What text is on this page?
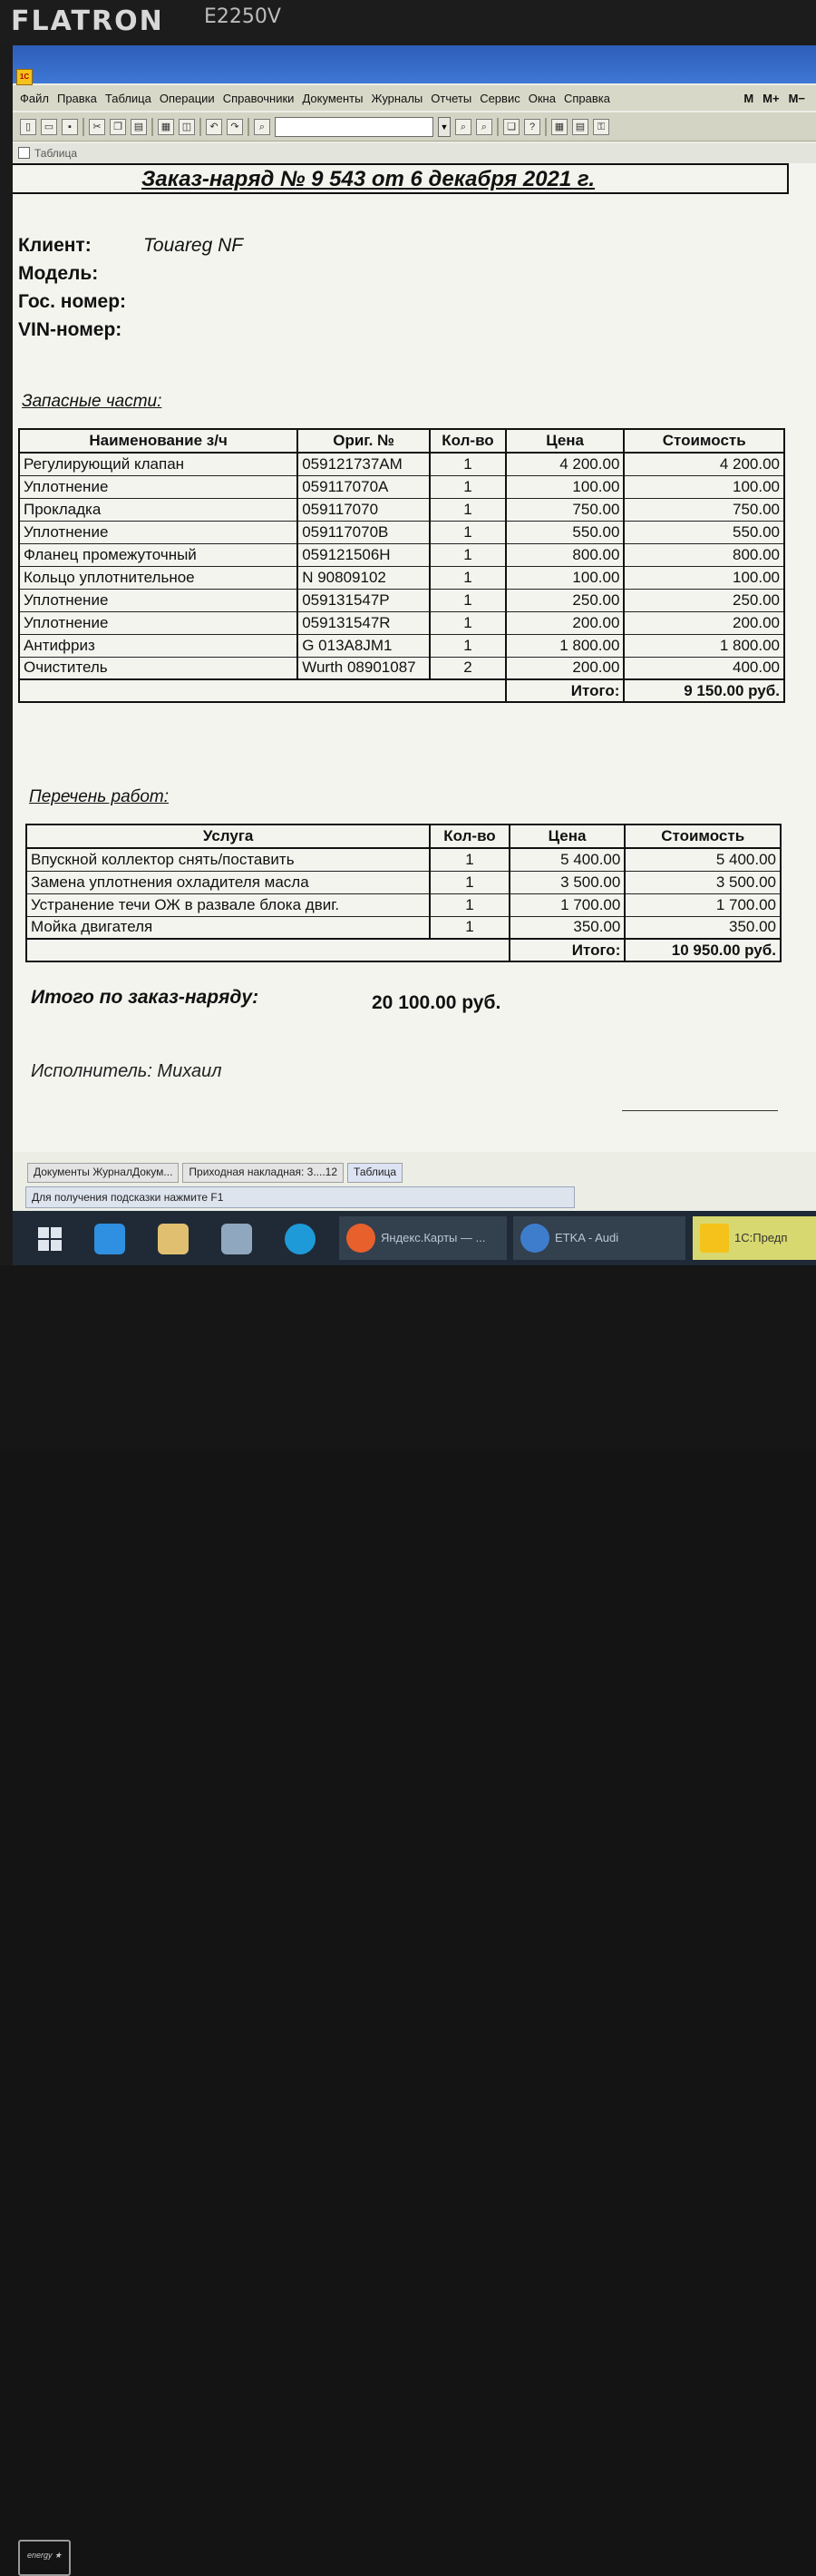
FLATRON E2250V
energy ★
1С
Файл Правка Таблица Операции Справочники Документы Журналы Отчеты Сервис Окна Справка	M M+ M−
▯	▭	▪	✂	❐	▤	▦	◫	↶	↷	⌕	▼	⌕	⌕	❏	?	▦	▤	⚿
Таблица
Заказ-наряд № 9 543 от 6 декабря 2021 г.
Клиент:	Touareg NF
Модель:
Гос. номер:
VIN-номер:
Запасные части:
Наименование з/ч	Ориг. №	Кол-во	Цена	Стоимость
Регулирующий клапан	059121737AM	1	4 200.00	4 200.00
Уплотнение	059117070A	1	100.00	100.00
Прокладка	059117070	1	750.00	750.00
Уплотнение	059117070B	1	550.00	550.00
Фланец промежуточный	059121506H	1	800.00	800.00
Кольцо уплотнительное	N 90809102	1	100.00	100.00
Уплотнение	059131547P	1	250.00	250.00
Уплотнение	059131547R	1	200.00	200.00
Антифриз	G 013A8JM1	1	1 800.00	1 800.00
Очиститель	Wurth 08901087	2	200.00	400.00
			Итого:	9 150.00 руб.
Перечень работ:
Услуга	Кол-во	Цена	Стоимость
Впускной коллектор снять/поставить	1	5 400.00	5 400.00
Замена уплотнения охладителя масла	1	3 500.00	3 500.00
Устранение течи ОЖ в развале блока двиг.	1	1 700.00	1 700.00
Мойка двигателя	1	350.00	350.00
		Итого:	10 950.00 руб.
Итого по заказ-наряду:	20 100.00 руб.
Исполнитель: Михаил
Документы ЖурналДокум...	Приходная накладная: 3....12	Таблица
Для получения подсказки нажмите F1
Яндекс.Карты — ...	ETKA - Audi	1С:Предп
